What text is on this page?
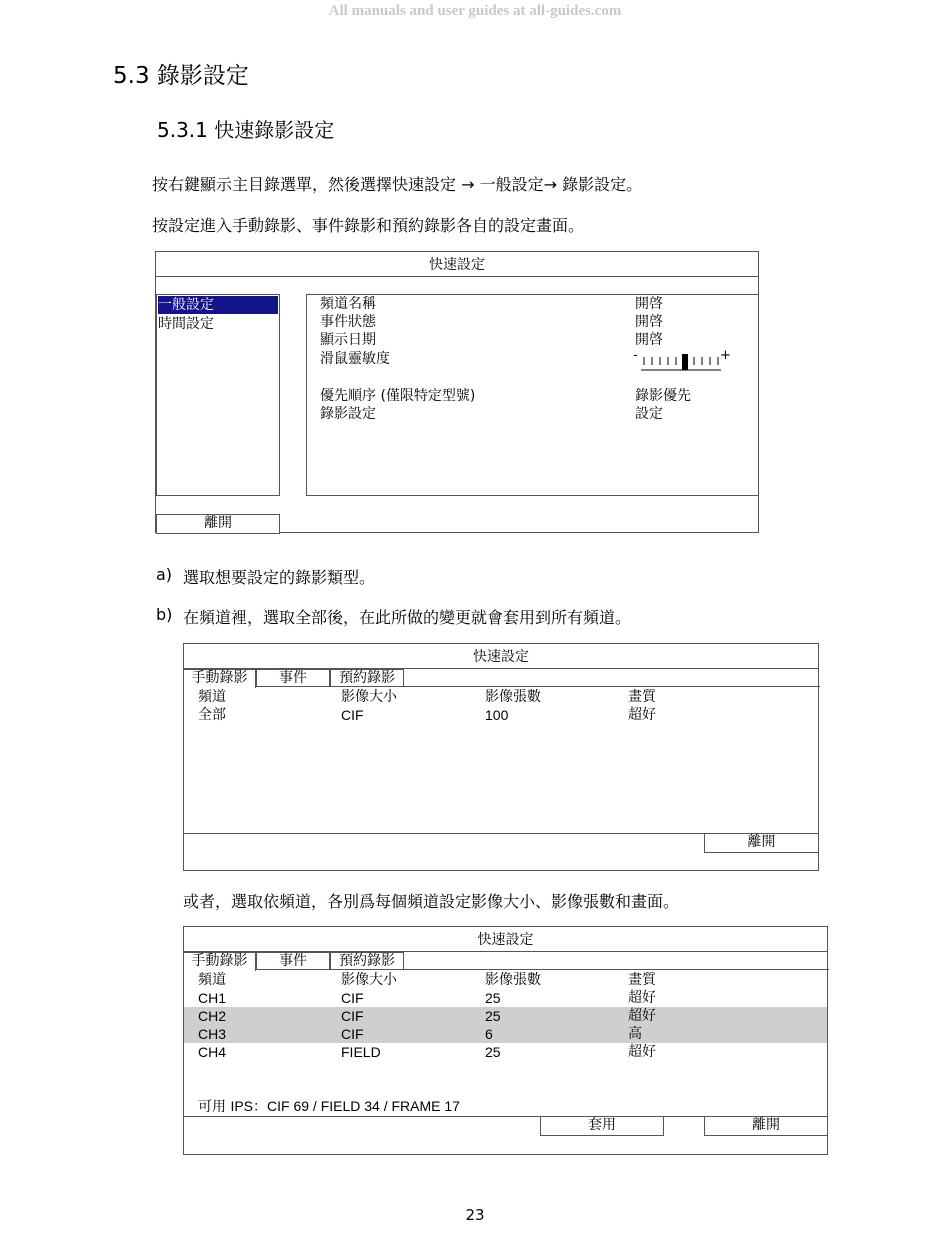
All manuals and user guides at all-guides.com
5.3 錄影設定
5.3.1 快速錄影設定
按右鍵顯示主目錄選單，然後選擇快速設定 → 一般設定→ 錄影設定。
按設定進入手動錄影、事件錄影和預約錄影各自的設定畫面。
快速設定
一般設定
時間設定
頻道名稱	開啓
事件狀態	開啓
顯示日期	開啓
滑鼠靈敏度	-	+
優先順序 (僅限特定型號)	錄影優先
錄影設定	設定
離開
a) 選取想要設定的錄影類型。
b) 在頻道裡，選取全部後，在此所做的變更就會套用到所有頻道。
快速設定
手動錄影	事件	預約錄影
頻道	影像大小	影像張數	畫質
全部	CIF	100	超好
離開
或者，選取依頻道，各別爲每個頻道設定影像大小、影像張數和畫面。
快速設定
手動錄影	事件	預約錄影
頻道	影像大小	影像張數	畫質
CH1	CIF	25	超好
CH2	CIF	25	超好
CH3	CIF	6	高
CH4	FIELD	25	超好
可用 IPS：CIF 69 / FIELD 34 / FRAME 17
套用	離開
23
